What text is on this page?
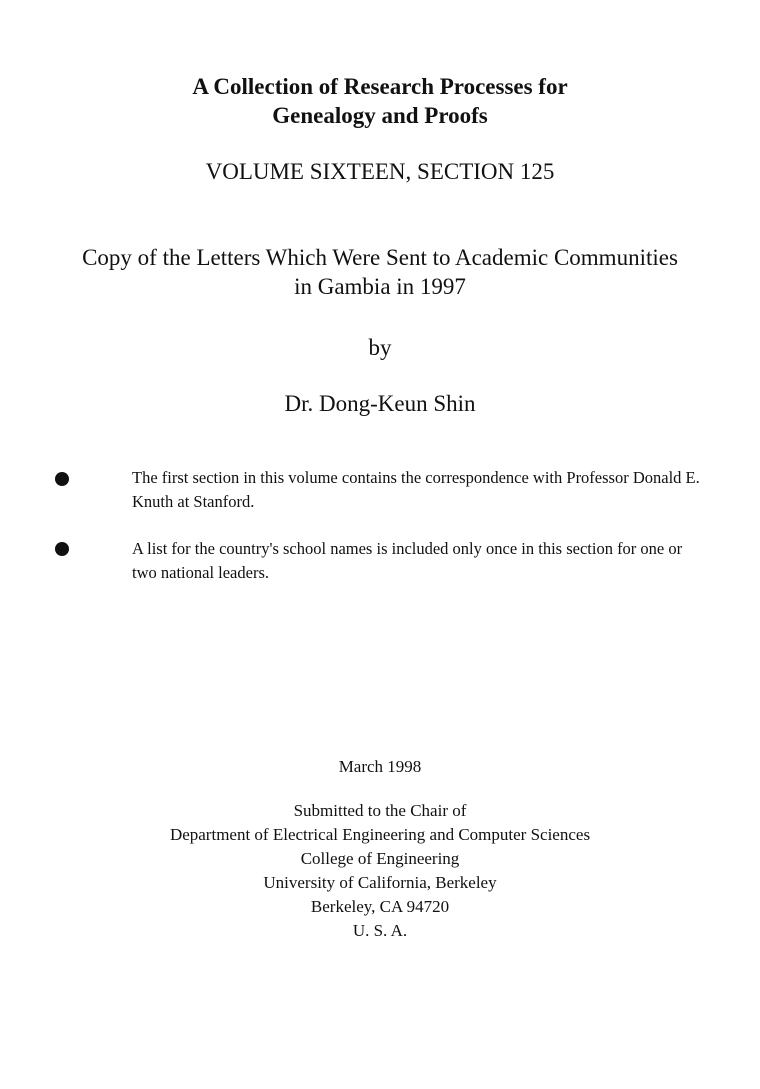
A Collection of Research Processes for
Genealogy and Proofs
VOLUME SIXTEEN, SECTION 125
Copy of the Letters Which Were Sent to Academic Communities
in Gambia in 1997
by
Dr. Dong-Keun Shin
The first section in this volume contains the correspondence with Professor Donald E. Knuth at Stanford.
A list for the country's school names is included only once in this section for one or two national leaders.
March 1998
Submitted to the Chair of
Department of Electrical Engineering and Computer Sciences
College of Engineering
University of California, Berkeley
Berkeley, CA 94720
U. S. A.
